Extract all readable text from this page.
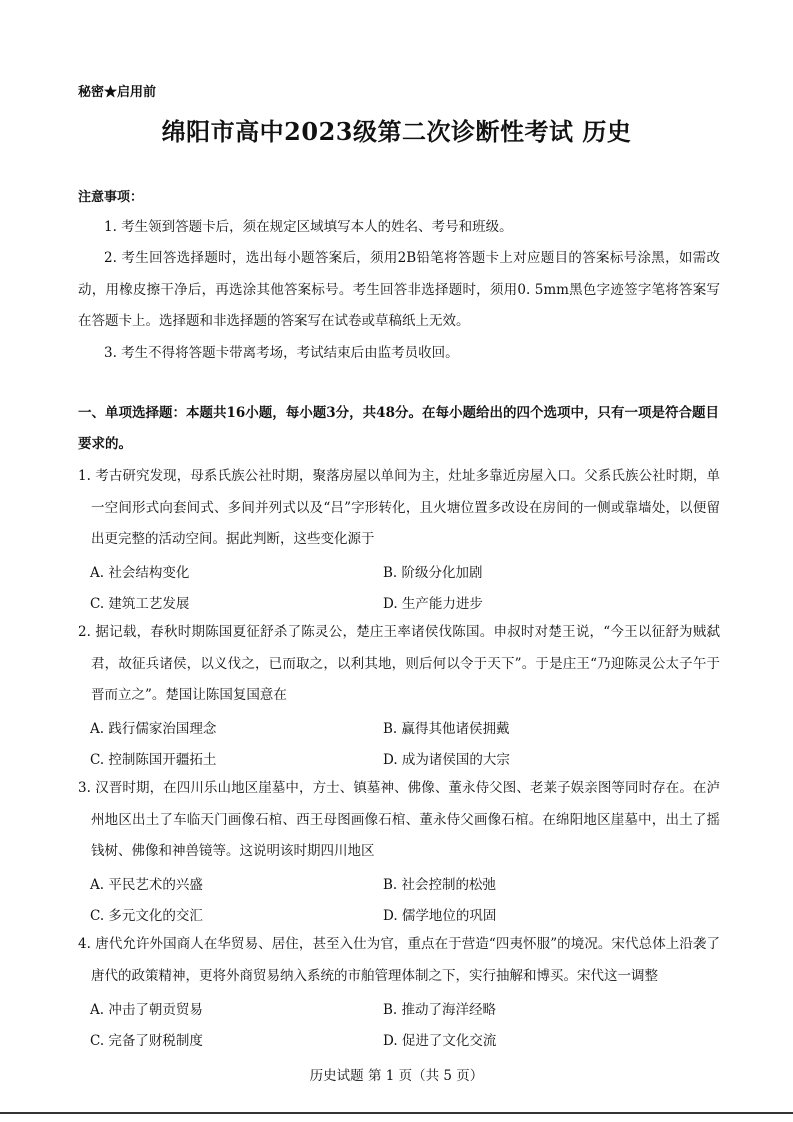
秘密★启用前
绵阳市高中2023级第二次诊断性考试 历史
注意事项：
1. 考生领到答题卡后，须在规定区域填写本人的姓名、考号和班级。
2. 考生回答选择题时，选出每小题答案后，须用2B铅笔将答题卡上对应题目的答案标号涂黑，如需改动，用橡皮擦干净后，再选涂其他答案标号。考生回答非选择题时，须用0. 5mm黑色字迹签字笔将答案写在答题卡上。选择题和非选择题的答案写在试卷或草稿纸上无效。
3. 考生不得将答题卡带离考场，考试结束后由监考员收回。
一、单项选择题：本题共16小题，每小题3分，共48分。在每小题给出的四个选项中，只有一项是符合题目要求的。
1. 考古研究发现，母系氏族公社时期，聚落房屋以单间为主，灶址多靠近房屋入口。父系氏族公社时期，单一空间形式向套间式、多间并列式以及“吕”字形转化，且火塘位置多改设在房间的一侧或靠墙处，以便留出更完整的活动空间。据此判断，这些变化源于
A. 社会结构变化	B. 阶级分化加剧
C. 建筑工艺发展	D. 生产能力进步
2. 据记载，春秋时期陈国夏征舒杀了陈灵公，楚庄王率诸侯伐陈国。申叔时对楚王说，“今王以征舒为贼弑君，故征兵诸侯，以义伐之，已而取之，以利其地，则后何以令于天下”。于是庄王“乃迎陈灵公太子午于晋而立之”。楚国让陈国复国意在
A. 践行儒家治国理念	B. 赢得其他诸侯拥戴
C. 控制陈国开疆拓土	D. 成为诸侯国的大宗
3. 汉晋时期，在四川乐山地区崖墓中，方士、镇墓神、佛像、董永侍父图、老莱子娱亲图等同时存在。在泸州地区出土了车临天门画像石棺、西王母图画像石棺、董永侍父画像石棺。在绵阳地区崖墓中，出土了摇钱树、佛像和神兽镜等。这说明该时期四川地区
A. 平民艺术的兴盛	B. 社会控制的松弛
C. 多元文化的交汇	D. 儒学地位的巩固
4. 唐代允许外国商人在华贸易、居住，甚至入仕为官，重点在于营造“四夷怀服”的境况。宋代总体上沿袭了唐代的政策精神，更将外商贸易纳入系统的市舶管理体制之下，实行抽解和博买。宋代这一调整
A. 冲击了朝贡贸易	B. 推动了海洋经略
C. 完备了财税制度	D. 促进了文化交流
历史试题 第 1 页（共 5 页）
